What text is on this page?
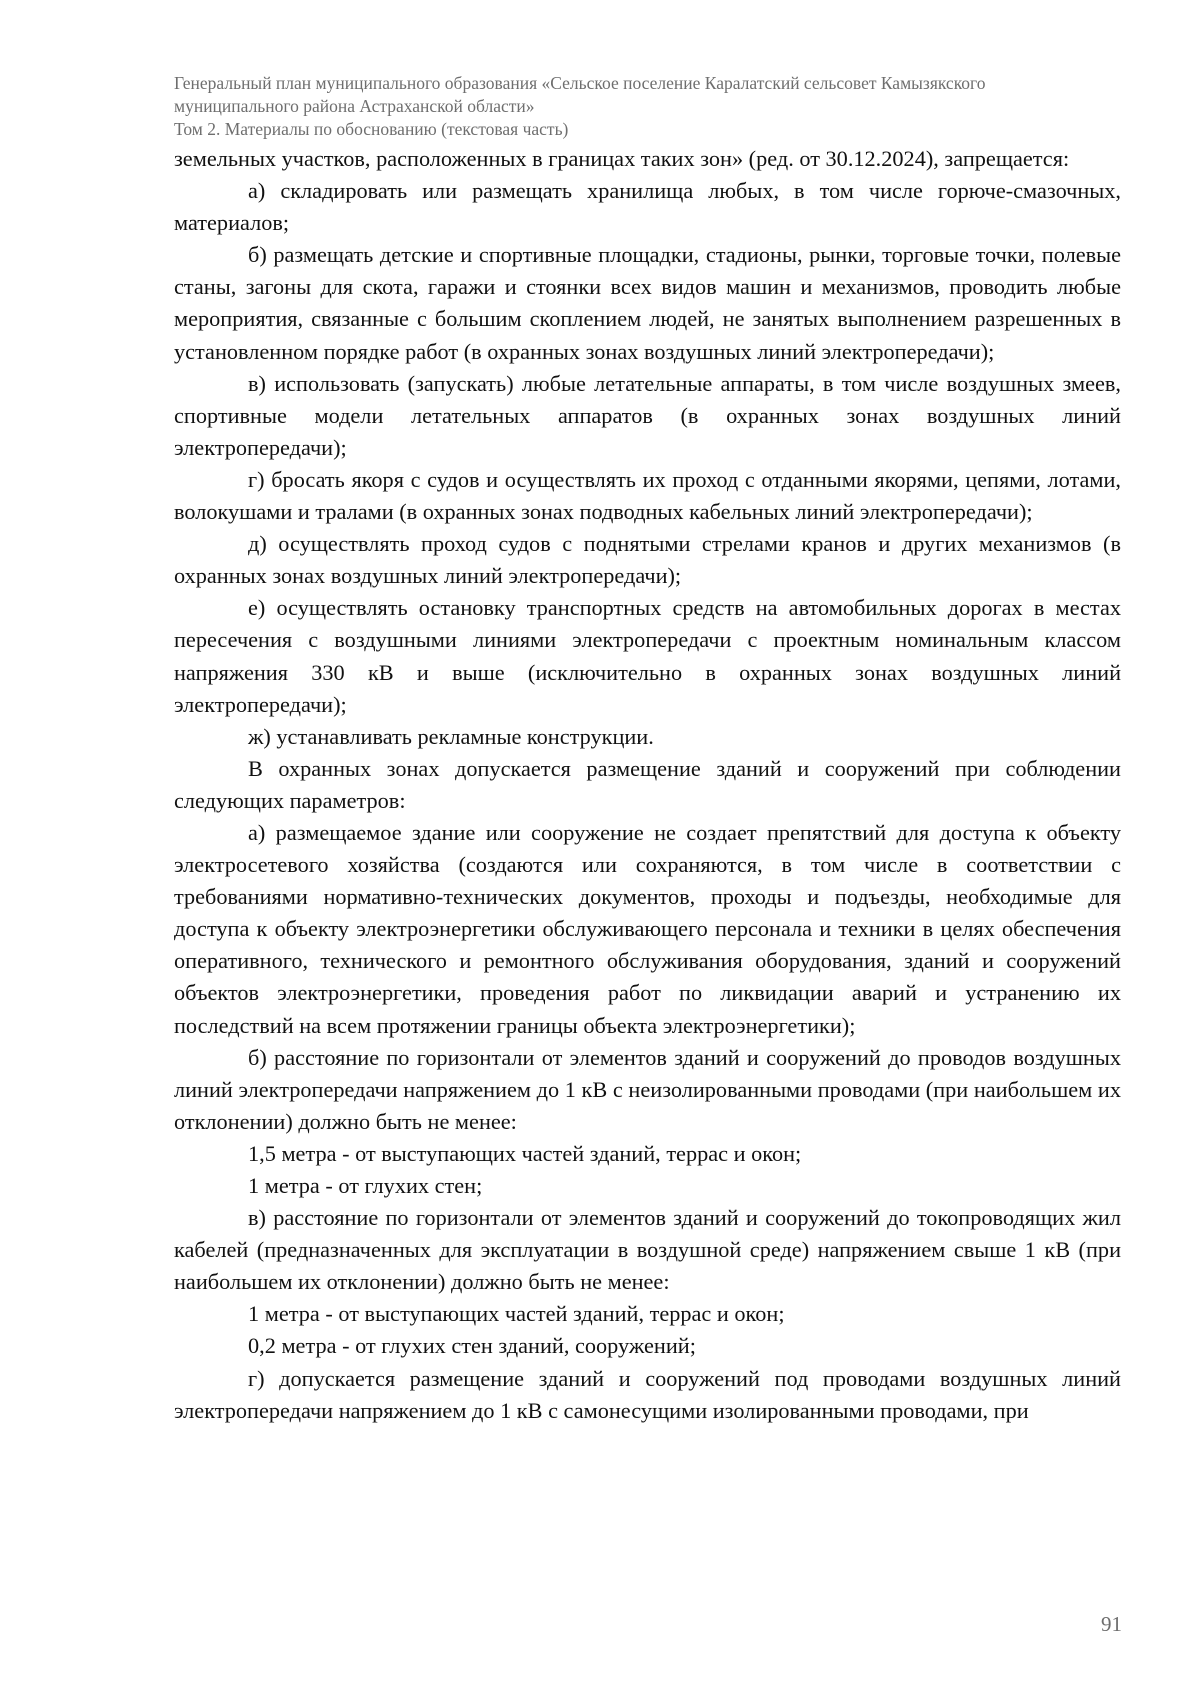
Генеральный план муниципального образования «Сельское поселение Каралатский сельсовет Камызякского
муниципального района Астраханской области»
Том 2. Материалы по обоснованию (текстовая часть)

земельных участков, расположенных в границах таких зон» (ред. от 30.12.2024), запрещается:

а) складировать или размещать хранилища любых, в том числе горюче-смазочных, материалов;

б) размещать детские и спортивные площадки, стадионы, рынки, торговые точки, полевые станы, загоны для скота, гаражи и стоянки всех видов машин и механизмов, проводить любые мероприятия, связанные с большим скоплением людей, не занятых выполнением разрешенных в установленном порядке работ (в охранных зонах воздушных линий электропередачи);

в) использовать (запускать) любые летательные аппараты, в том числе воздушных змеев, спортивные модели летательных аппаратов (в охранных зонах воздушных линий электропередачи);

г) бросать якоря с судов и осуществлять их проход с отданными якорями, цепями, лотами, волокушами и тралами (в охранных зонах подводных кабельных линий электропередачи);

д) осуществлять проход судов с поднятыми стрелами кранов и других механизмов (в охранных зонах воздушных линий электропередачи);

е) осуществлять остановку транспортных средств на автомобильных дорогах в местах пересечения с воздушными линиями электропередачи с проектным номинальным классом напряжения 330 кВ и выше (исключительно в охранных зонах воздушных линий электропередачи);

ж) устанавливать рекламные конструкции.

В охранных зонах допускается размещение зданий и сооружений при соблюдении следующих параметров:

а) размещаемое здание или сооружение не создает препятствий для доступа к объекту электросетевого хозяйства (создаются или сохраняются, в том числе в соответствии с требованиями нормативно-технических документов, проходы и подъезды, необходимые для доступа к объекту электроэнергетики обслуживающего персонала и техники в целях обеспечения оперативного, технического и ремонтного обслуживания оборудования, зданий и сооружений объектов электроэнергетики, проведения работ по ликвидации аварий и устранению их последствий на всем протяжении границы объекта электроэнергетики);

б) расстояние по горизонтали от элементов зданий и сооружений до проводов воздушных линий электропередачи напряжением до 1 кВ с неизолированными проводами (при наибольшем их отклонении) должно быть не менее:

1,5 метра - от выступающих частей зданий, террас и окон;

1 метра - от глухих стен;

в) расстояние по горизонтали от элементов зданий и сооружений до токопроводящих жил кабелей (предназначенных для эксплуатации в воздушной среде) напряжением свыше 1 кВ (при наибольшем их отклонении) должно быть не менее:

1 метра - от выступающих частей зданий, террас и окон;

0,2 метра - от глухих стен зданий, сооружений;

г) допускается размещение зданий и сооружений под проводами воздушных линий электропередачи напряжением до 1 кВ с самонесущими изолированными проводами, при

91
